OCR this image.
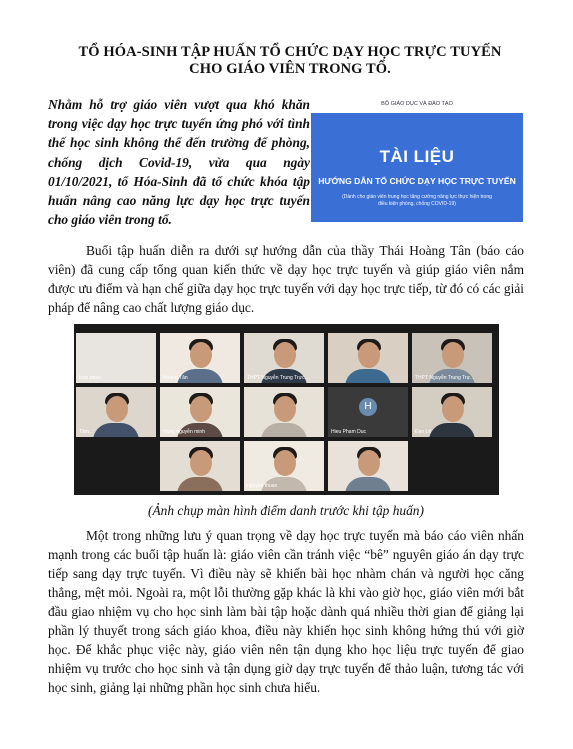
TỔ HÓA-SINH TẬP HUẤN TỔ CHỨC DẠY HỌC TRỰC TUYẾN
CHO GIÁO VIÊN TRONG TỔ.
Nhằm hỗ trợ giáo viên vượt qua khó khăn trong việc dạy học trực tuyến ứng phó với tình thế học sinh không thể đến trường để phòng, chống dịch Covid-19, vừa qua ngày 01/10/2021, tổ Hóa-Sinh đã tổ chức khóa tập huấn nâng cao năng lực dạy học trực tuyến cho giáo viên trong tổ.
BỘ GIÁO DỤC VÀ ĐÀO TẠO
TÀI LIỆU
HƯỚNG DẪN TỔ CHỨC DẠY HỌC TRỰC TUYẾN
(Dành cho giáo viên trung học tăng cường năng lực thực hiện trong điều kiện phòng, chống COVID-19)
Buổi tập huấn diễn ra dưới sự hướng dẫn của thầy Thái Hoàng Tân (báo cáo viên) đã cung cấp tổng quan kiến thức về dạy học trực tuyến và giúp giáo viên nắm được ưu điểm và hạn chế giữa dạy học trực tuyến với dạy học trực tiếp, từ đó có các giải pháp để nâng cao chất lượng giáo dục.
loan phan	Hoàng Tân	THPT Nguyễn Trung Trực ...	THPT Nguyễn Trung Trự...
Tâm...	Hùng nguyễn minh
H
Hieu Pham Duc	Đan Lê
nguyen thuan
(Ảnh chụp màn hình điểm danh trước khi tập huấn)
Một trong những lưu ý quan trọng về dạy học trực tuyến mà báo cáo viên nhấn mạnh trong các buổi tập huấn là: giáo viên cần tránh việc “bê” nguyên giáo án dạy trực tiếp sang dạy trực tuyến. Vì điều này sẽ khiến bài học nhàm chán và người học căng thẳng, mệt mỏi. Ngoài ra, một lỗi thường gặp khác là khi vào giờ học, giáo viên mới bắt đầu giao nhiệm vụ cho học sinh làm bài tập hoặc dành quá nhiều thời gian để giảng lại phần lý thuyết trong sách giáo khoa, điều này khiến học sinh không hứng thú với giờ học. Để khắc phục việc này, giáo viên nên tận dụng kho học liệu trực tuyến để giao nhiệm vụ trước cho học sinh và tận dụng giờ dạy trực tuyến để thảo luận, tương tác với học sinh, giảng lại những phần học sinh chưa hiểu.
